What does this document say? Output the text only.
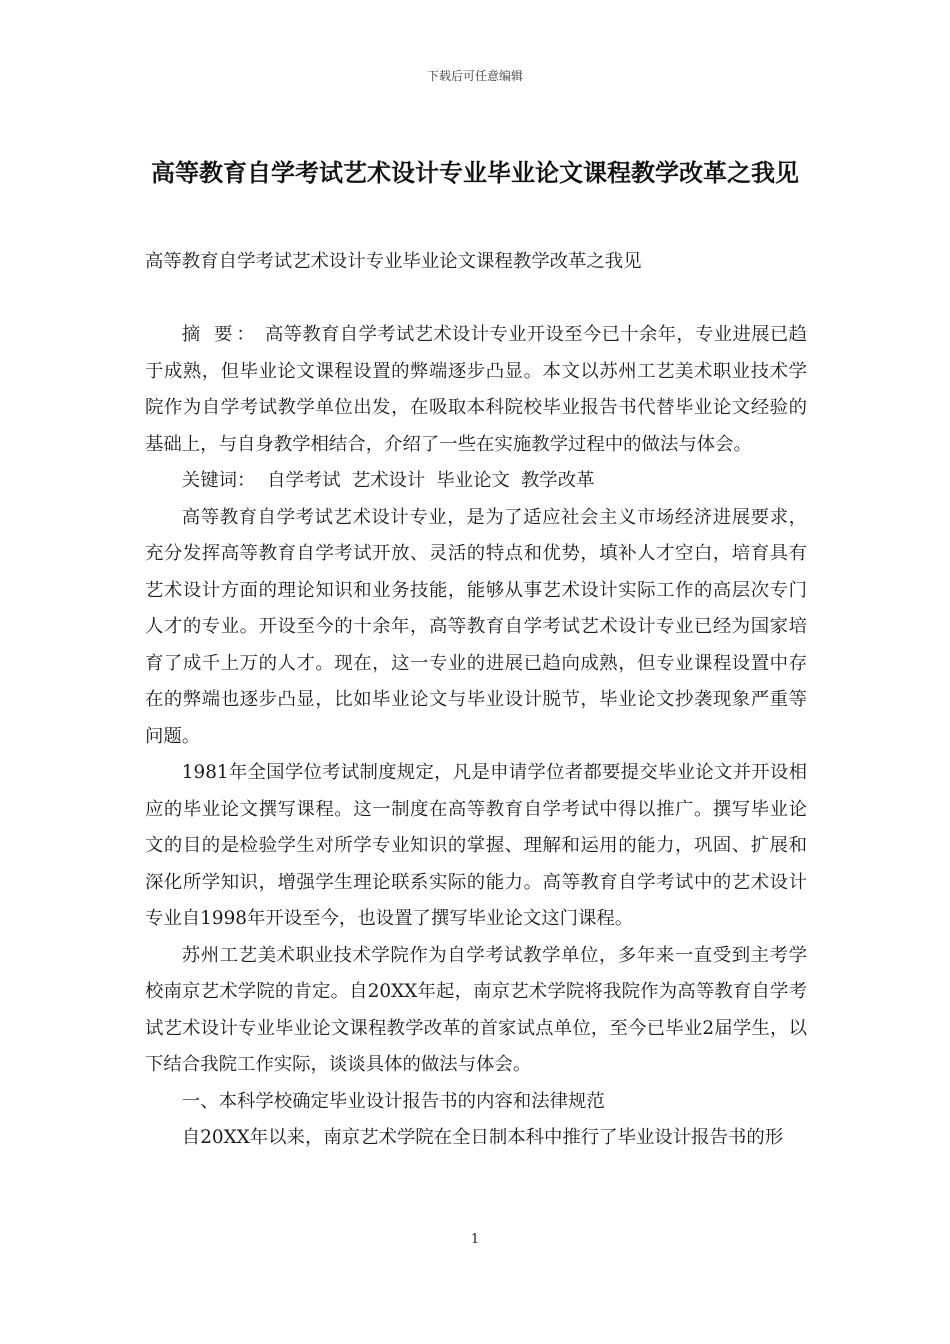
下载后可任意编辑
高等教育自学考试艺术设计专业毕业论文课程教学改革之我见

高等教育自学考试艺术设计专业毕业论文课程教学改革之我见

摘 要： 高等教育自学考试艺术设计专业开设至今已十余年，专业进展已趋于成熟，但毕业论文课程设置的弊端逐步凸显。本文以苏州工艺美术职业技术学院作为自学考试教学单位出发，在吸取本科院校毕业报告书代替毕业论文经验的基础上，与自身教学相结合，介绍了一些在实施教学过程中的做法与体会。

关键词： 自学考试 艺术设计 毕业论文 教学改革

高等教育自学考试艺术设计专业，是为了适应社会主义市场经济进展要求，充分发挥高等教育自学考试开放、灵活的特点和优势，填补人才空白，培育具有艺术设计方面的理论知识和业务技能，能够从事艺术设计实际工作的高层次专门人才的专业。开设至今的十余年，高等教育自学考试艺术设计专业已经为国家培育了成千上万的人才。现在，这一专业的进展已趋向成熟，但专业课程设置中存在的弊端也逐步凸显，比如毕业论文与毕业设计脱节，毕业论文抄袭现象严重等问题。

1981年全国学位考试制度规定，凡是申请学位者都要提交毕业论文并开设相应的毕业论文撰写课程。这一制度在高等教育自学考试中得以推广。撰写毕业论文的目的是检验学生对所学专业知识的掌握、理解和运用的能力，巩固、扩展和深化所学知识，增强学生理论联系实际的能力。高等教育自学考试中的艺术设计专业自1998年开设至今，也设置了撰写毕业论文这门课程。

苏州工艺美术职业技术学院作为自学考试教学单位，多年来一直受到主考学校南京艺术学院的肯定。自20XX年起，南京艺术学院将我院作为高等教育自学考试艺术设计专业毕业论文课程教学改革的首家试点单位，至今已毕业2届学生，以下结合我院工作实际，谈谈具体的做法与体会。

一、本科学校确定毕业设计报告书的内容和法律规范

自20XX年以来，南京艺术学院在全日制本科中推行了毕业设计报告书的形

1
